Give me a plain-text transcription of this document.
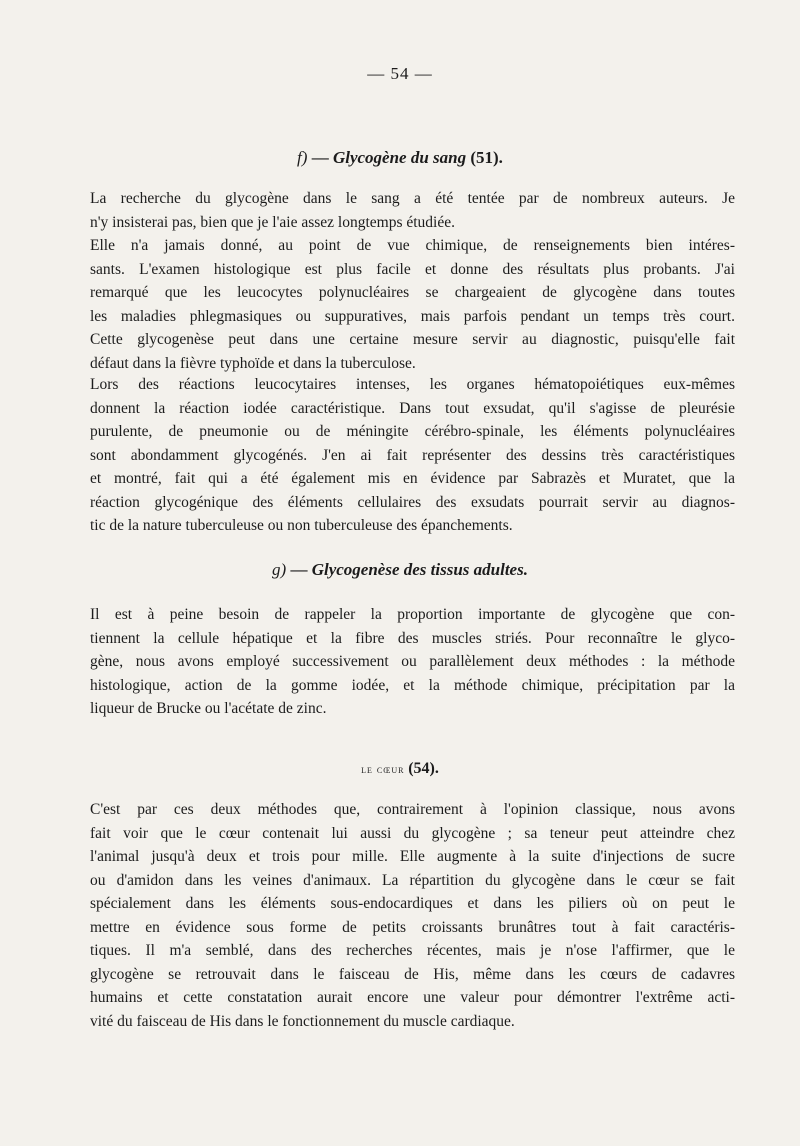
— 54 —
f) — Glycogène du sang (51).

La recherche du glycogène dans le sang a été tentée par de nombreux auteurs. Je
n'y insisterai pas, bien que je l'aie assez longtemps étudiée.

Elle n'a jamais donné, au point de vue chimique, de renseignements bien intéres-
sants. L'examen histologique est plus facile et donne des résultats plus probants. J'ai
remarqué que les leucocytes polynucléaires se chargeaient de glycogène dans toutes
les maladies phlegmasiques ou suppuratives, mais parfois pendant un temps très court.
Cette glycogenèse peut dans une certaine mesure servir au diagnostic, puisqu'elle fait
défaut dans la fièvre typhoïde et dans la tuberculose.

Lors des réactions leucocytaires intenses, les organes hématopoiétiques eux-mêmes
donnent la réaction iodée caractéristique. Dans tout exsudat, qu'il s'agisse de pleurésie
purulente, de pneumonie ou de méningite cérébro-spinale, les éléments polynucléaires
sont abondamment glycogénés. J'en ai fait représenter des dessins très caractéristiques
et montré, fait qui a été également mis en évidence par Sabrazès et Muratet, que la
réaction glycogénique des éléments cellulaires des exsudats pourrait servir au diagnos-
tic de la nature tuberculeuse ou non tuberculeuse des épanchements.

g) — Glycogenèse des tissus adultes.

Il est à peine besoin de rappeler la proportion importante de glycogène que con-
tiennent la cellule hépatique et la fibre des muscles striés. Pour reconnaître le glyco-
gène, nous avons employé successivement ou parallèlement deux méthodes : la méthode
histologique, action de la gomme iodée, et la méthode chimique, précipitation par la
liqueur de Brucke ou l'acétate de zinc.

le cœur (54).

C'est par ces deux méthodes que, contrairement à l'opinion classique, nous avons
fait voir que le cœur contenait lui aussi du glycogène ; sa teneur peut atteindre chez
l'animal jusqu'à deux et trois pour mille. Elle augmente à la suite d'injections de sucre
ou d'amidon dans les veines d'animaux. La répartition du glycogène dans le cœur se fait
spécialement dans les éléments sous-endocardiques et dans les piliers où on peut le
mettre en évidence sous forme de petits croissants brunâtres tout à fait caractéris-
tiques. Il m'a semblé, dans des recherches récentes, mais je n'ose l'affirmer, que le
glycogène se retrouvait dans le faisceau de His, même dans les cœurs de cadavres
humains et cette constatation aurait encore une valeur pour démontrer l'extrême acti-
vité du faisceau de His dans le fonctionnement du muscle cardiaque.
